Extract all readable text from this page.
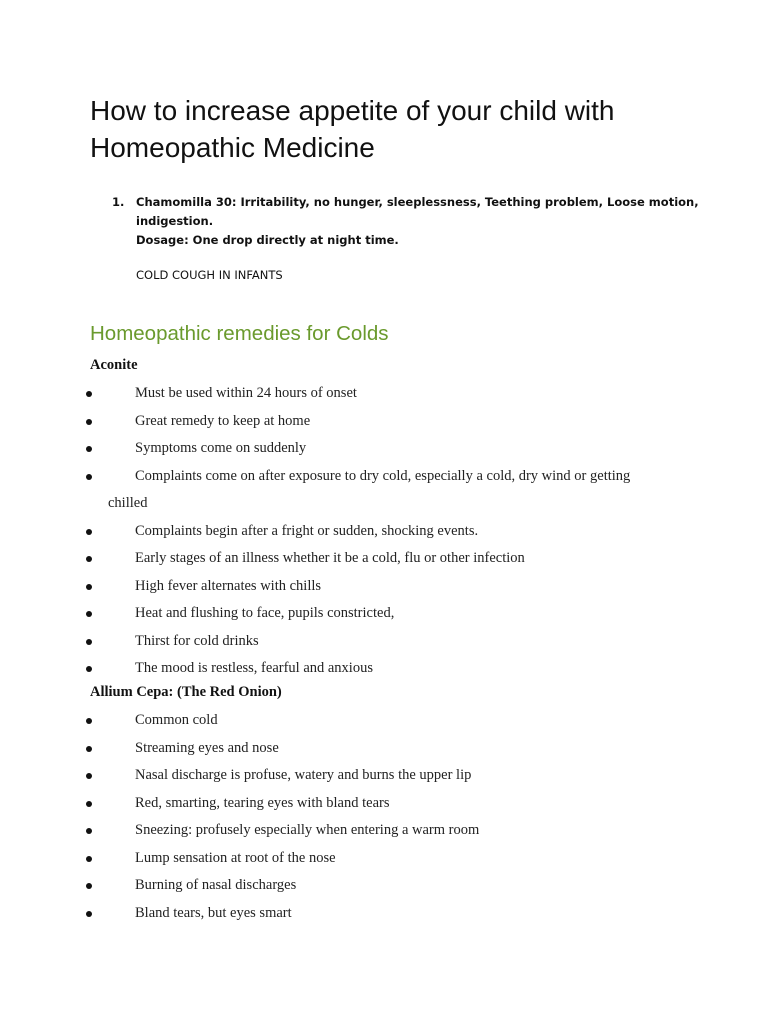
How to increase appetite of your child with
Homeopathic Medicine
1. Chamomilla 30: Irritability, no hunger, sleeplessness, Teething problem, Loose motion,
indigestion.
Dosage: One drop directly at night time.
COLD COUGH IN INFANTS
Homeopathic remedies for Colds
Aconite
Must be used within 24 hours of onset
Great remedy to keep at home
Symptoms come on suddenly
Complaints come on after exposure to dry cold, especially a cold, dry wind or getting
chilled
Complaints begin after a fright or sudden, shocking events.
Early stages of an illness whether it be a cold, flu or other infection
High fever alternates with chills
Heat and flushing to face, pupils constricted,
Thirst for cold drinks
The mood is restless, fearful and anxious
Allium Cepa: (The Red Onion)
Common cold
Streaming eyes and nose
Nasal discharge is profuse, watery and burns the upper lip
Red, smarting, tearing eyes with bland tears
Sneezing: profusely especially when entering a warm room
Lump sensation at root of the nose
Burning of nasal discharges
Bland tears, but eyes smart
